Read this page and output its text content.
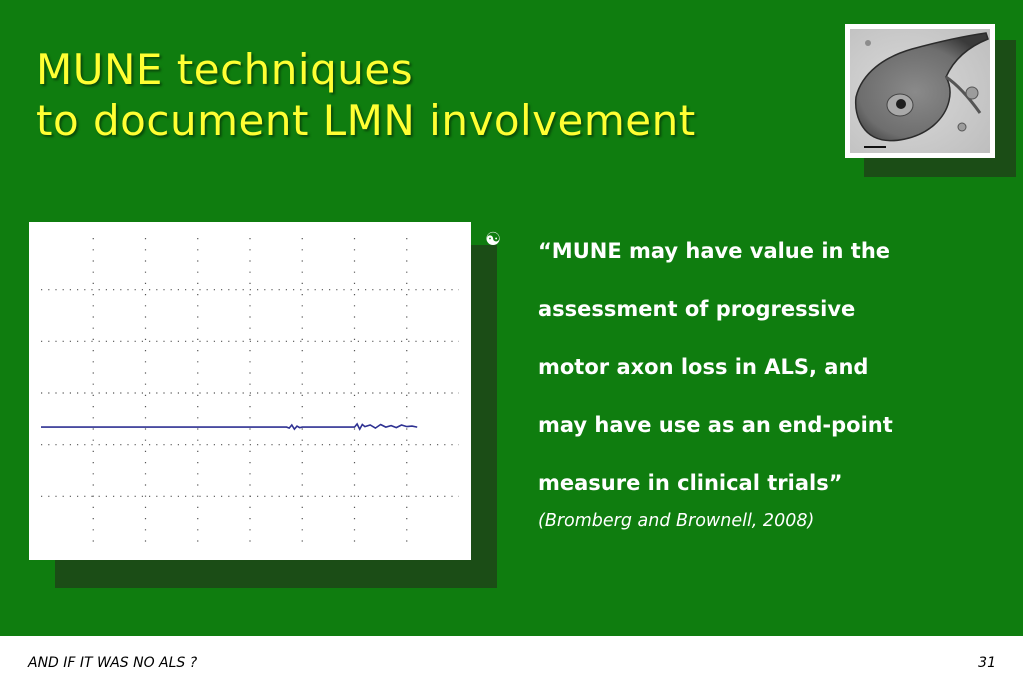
MUNE techniques
to document LMN involvement
☯ “MUNE may have value in the
assessment of progressive
motor axon loss in ALS, and
may have use as an end-point
measure in clinical trials”

(Bromberg and Brownell, 2008)
AND IF IT WAS NO ALS ?	31
